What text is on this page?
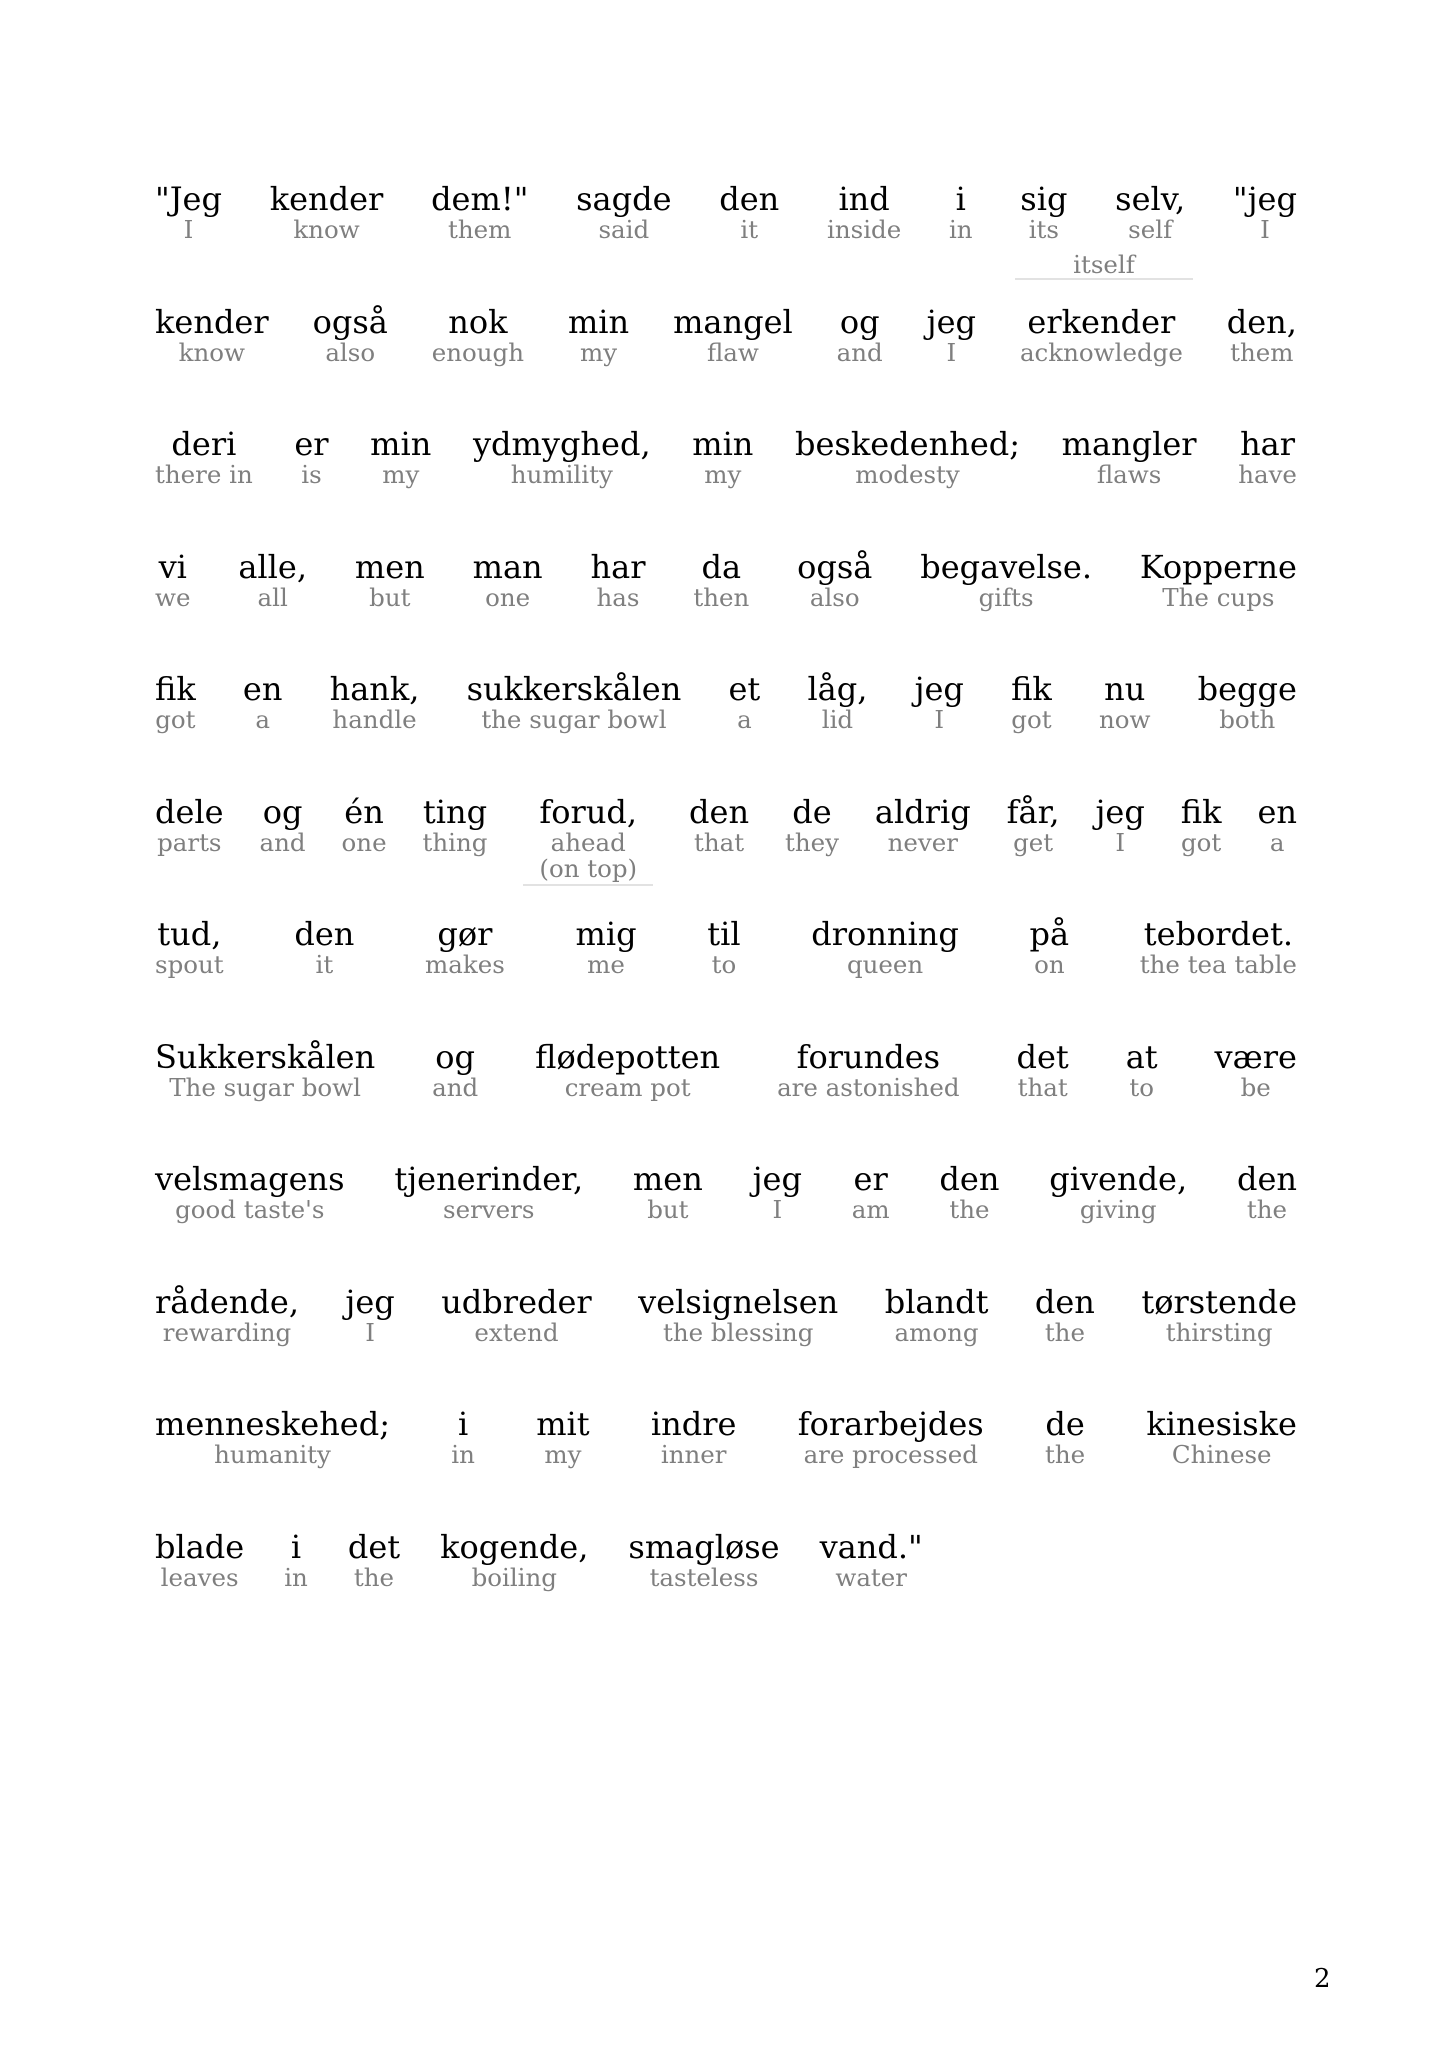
"Jeg
I
kender
know
dem!"
them
sagde
said
den
it
ind
inside
i
in
sig
its
selv,
self
"jeg
I
itself
kender
know
også
also
nok
enough
min
my
mangel
flaw
og
and
jeg
I
erkender
acknowledge
den,
them
deri
there in
er
is
min
my
ydmyghed,
humility
min
my
beskedenhed;
modesty
mangler
flaws
har
have
vi
we
alle,
all
men
but
man
one
har
has
da
then
også
also
begavelse.
gifts
Kopperne
The cups
fik
got
en
a
hank,
handle
sukkerskålen
the sugar bowl
et
a
låg,
lid
jeg
I
fik
got
nu
now
begge
both
dele
parts
og
and
én
one
ting
thing
forud,
ahead
(on top)
den
that
de
they
aldrig
never
får,
get
jeg
I
fik
got
en
a
tud,
spout
den
it
gør
makes
mig
me
til
to
dronning
queen
på
on
tebordet.
the tea table
Sukkerskålen
The sugar bowl
og
and
flødepotten
cream pot
forundes
are astonished
det
that
at
to
være
be
velsmagens
good taste's
tjenerinder,
servers
men
but
jeg
I
er
am
den
the
givende,
giving
den
the
rådende,
rewarding
jeg
I
udbreder
extend
velsignelsen
the blessing
blandt
among
den
the
tørstende
thirsting
menneskehed;
humanity
i
in
mit
my
indre
inner
forarbejdes
are processed
de
the
kinesiske
Chinese
blade
leaves
i
in
det
the
kogende,
boiling
smagløse
tasteless
vand."
water
2
